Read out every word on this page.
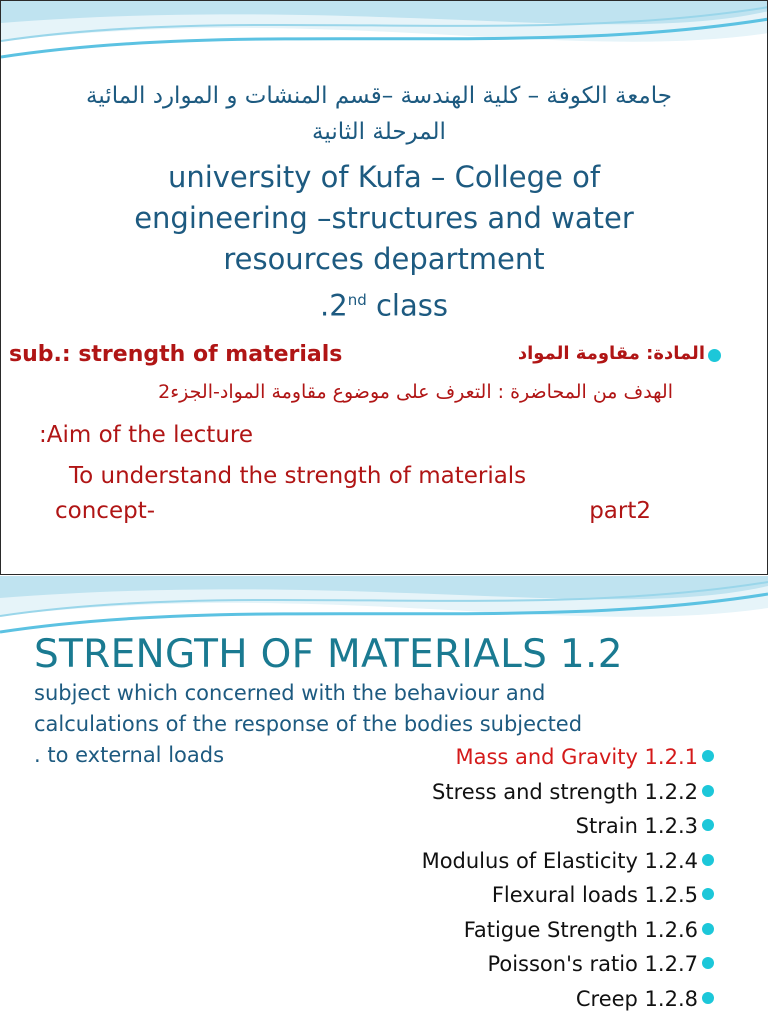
جامعة الكوفة – كلية الهندسة –قسم المنشات و الموارد المائية
المرحلة الثانية
university of Kufa – College of
engineering –structures and water
resources department
.2nd class
sub.: strength of materials	المادة: مقاومة المواد
الهدف من المحاضرة : التعرف على موضوع مقاومة المواد-الجزء2
:Aim of the lecture
To understand the strength of materials
concept-	part2
STRENGTH OF MATERIALS 1.2
subject which concerned with the behaviour and
calculations of the response of the bodies subjected
. to external loads	Mass and Gravity 1.2.1
Stress and strength 1.2.2
Strain 1.2.3
Modulus of Elasticity 1.2.4
Flexural loads 1.2.5
Fatigue Strength 1.2.6
Poisson's ratio 1.2.7
Creep 1.2.8
